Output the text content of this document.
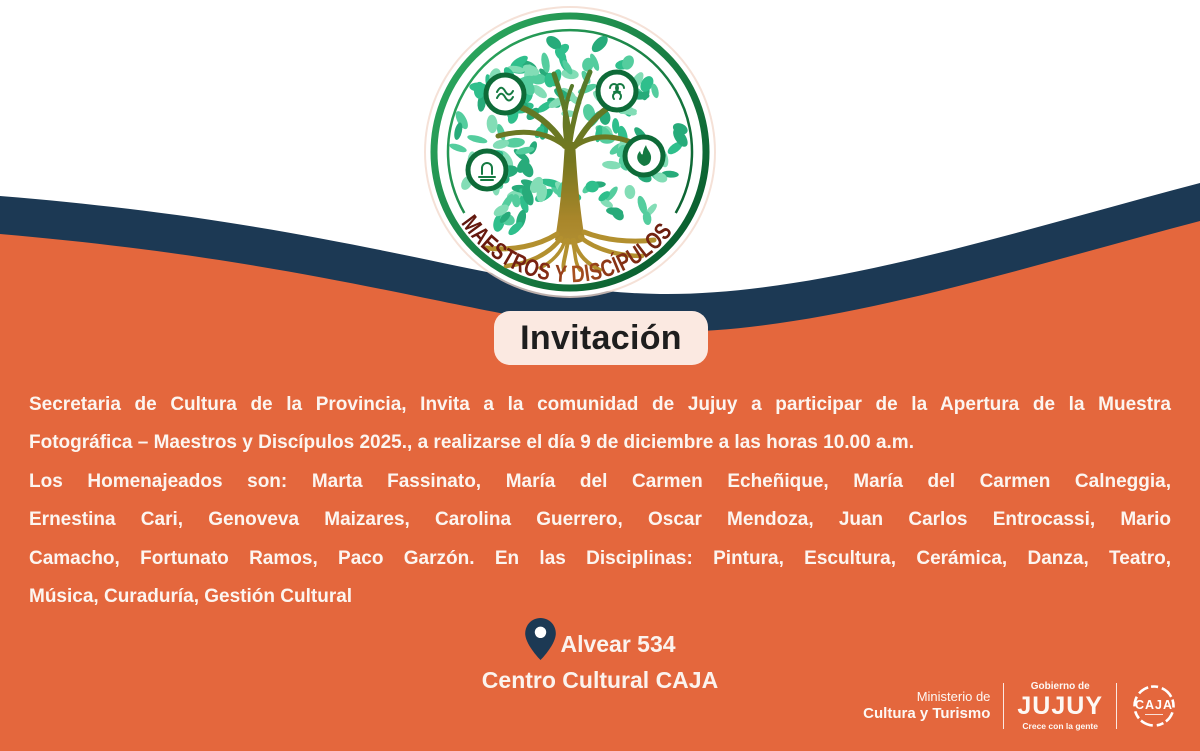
MAESTROS Y DISCÍPULOS
Invitación
Secretaria de Cultura de la Provincia, Invita a la comunidad de Jujuy a participar de la Apertura de la Muestra
Fotográfica – Maestros y Discípulos 2025., a realizarse el día 9 de diciembre a las horas 10.00 a.m.
Los Homenajeados son: Marta Fassinato, María del Carmen Echeñique, María del Carmen Calneggia,
Ernestina Cari, Genoveva Maizares, Carolina Guerrero, Oscar Mendoza, Juan Carlos Entrocassi, Mario
Camacho, Fortunato Ramos, Paco Garzón. En las Disciplinas: Pintura, Escultura, Cerámica, Danza, Teatro,
Música, Curaduría, Gestión Cultural
Alvear 534
Centro Cultural CAJA
Ministerio de
Cultura y Turismo
Gobierno de
JUJUY
Crece con la gente
CAJA
